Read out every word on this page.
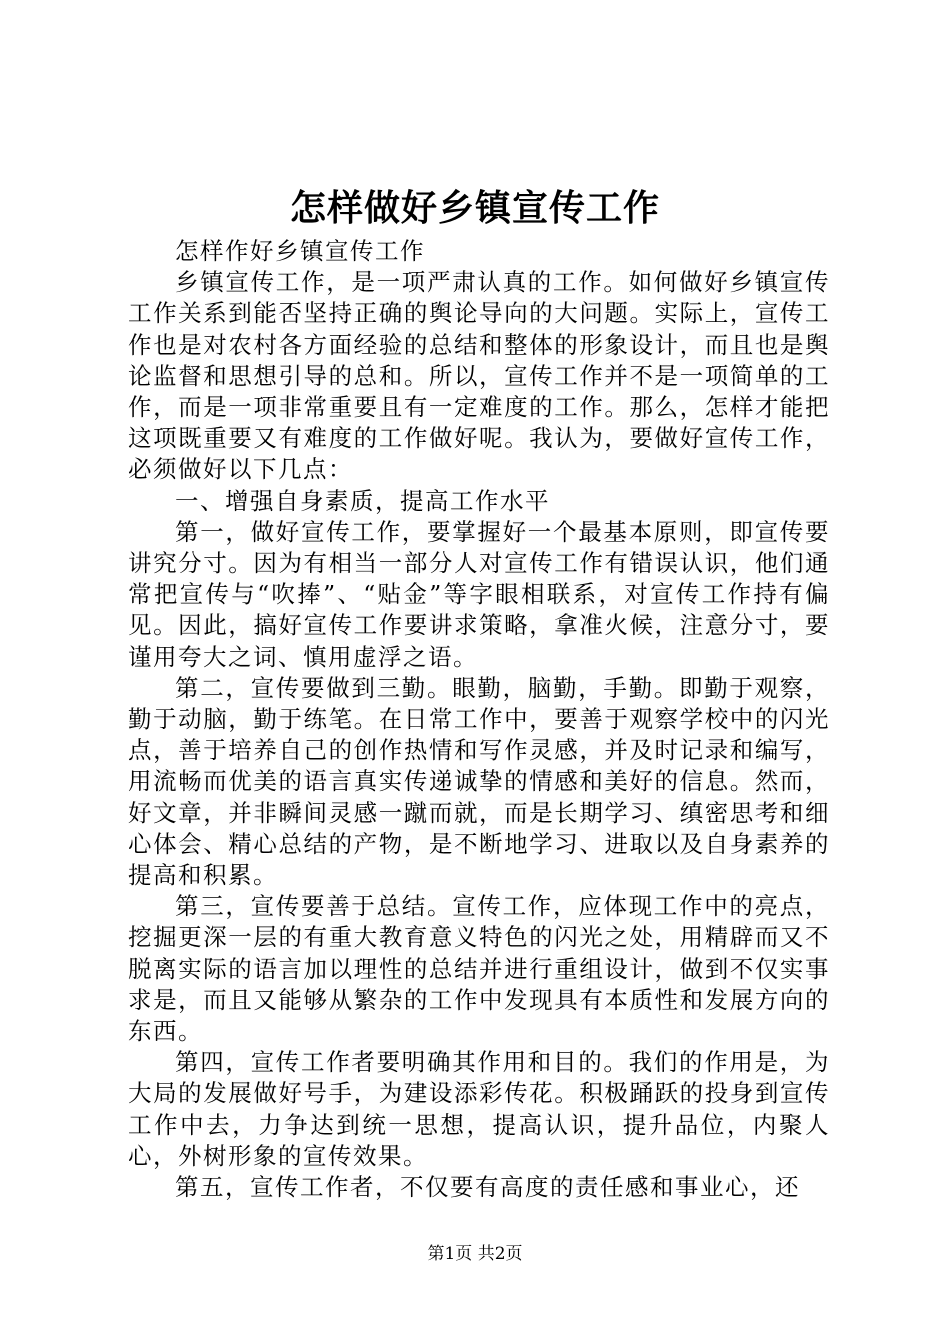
怎样做好乡镇宣传工作

怎样作好乡镇宣传工作

乡镇宣传工作，是一项严肃认真的工作。如何做好乡镇宣传工作关系到能否坚持正确的舆论导向的大问题。实际上，宣传工作也是对农村各方面经验的总结和整体的形象设计，而且也是舆论监督和思想引导的总和。所以，宣传工作并不是一项简单的工作，而是一项非常重要且有一定难度的工作。那么，怎样才能把这项既重要又有难度的工作做好呢。我认为，要做好宣传工作，必须做好以下几点：

一、增强自身素质，提高工作水平

第一，做好宣传工作，要掌握好一个最基本原则，即宣传要讲究分寸。因为有相当一部分人对宣传工作有错误认识，他们通常把宣传与“吹捧”、“贴金”等字眼相联系，对宣传工作持有偏见。因此，搞好宣传工作要讲求策略，拿准火候，注意分寸，要谨用夸大之词、慎用虚浮之语。

第二，宣传要做到三勤。眼勤，脑勤，手勤。即勤于观察，勤于动脑，勤于练笔。在日常工作中，要善于观察学校中的闪光点，善于培养自己的创作热情和写作灵感，并及时记录和编写，用流畅而优美的语言真实传递诚挚的情感和美好的信息。然而，好文章，并非瞬间灵感一蹴而就，而是长期学习、缜密思考和细心体会、精心总结的产物，是不断地学习、进取以及自身素养的提高和积累。

第三，宣传要善于总结。宣传工作，应体现工作中的亮点，挖掘更深一层的有重大教育意义特色的闪光之处，用精辟而又不脱离实际的语言加以理性的总结并进行重组设计，做到不仅实事求是，而且又能够从繁杂的工作中发现具有本质性和发展方向的东西。

第四，宣传工作者要明确其作用和目的。我们的作用是，为大局的发展做好号手，为建设添彩传花。积极踊跃的投身到宣传工作中去，力争达到统一思想，提高认识，提升品位，内聚人心，外树形象的宣传效果。

第五，宣传工作者，不仅要有高度的责任感和事业心，还

第1页 共2页
